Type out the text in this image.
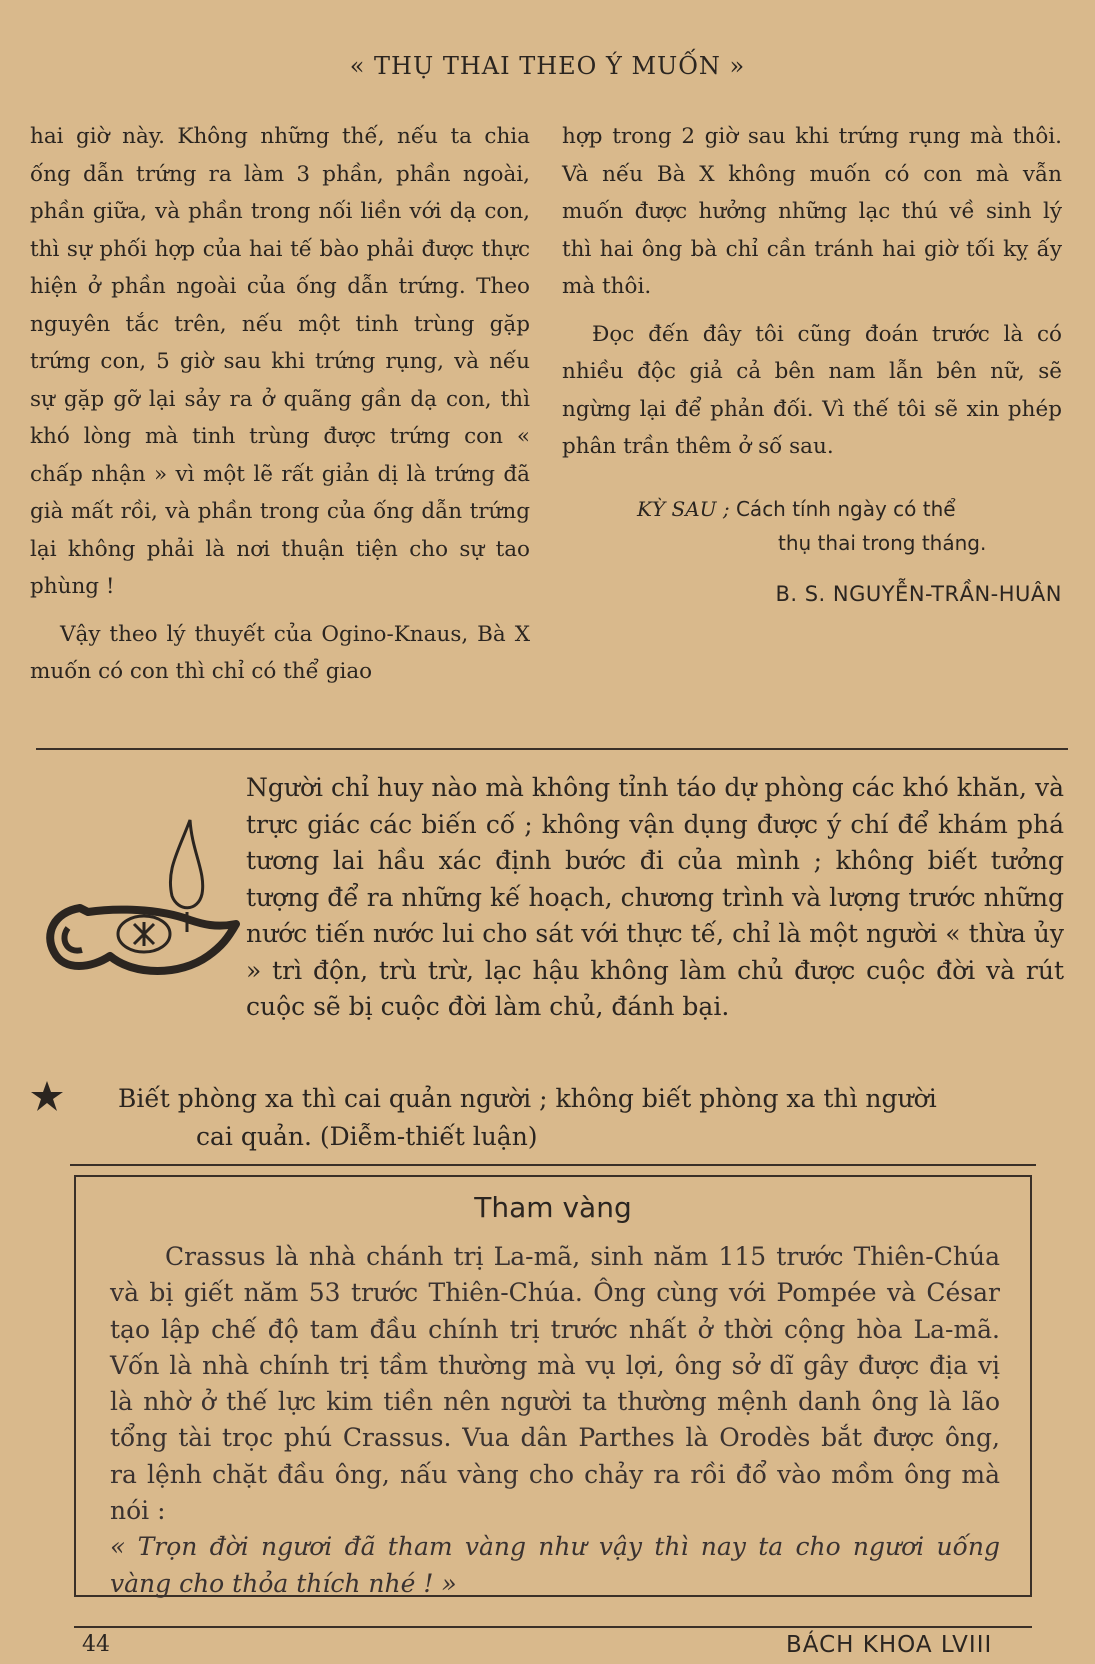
« THỤ THAI THEO Ý MUỐN »

hai giờ này. Không những thế, nếu ta chia ống dẫn trứng ra làm 3 phần, phần ngoài, phần giữa, và phần trong nối liền với dạ con, thì sự phối hợp của hai tế bào phải được thực hiện ở phần ngoài của ống dẫn trứng. Theo nguyên tắc trên, nếu một tinh trùng gặp trứng con, 5 giờ sau khi trứng rụng, và nếu sự gặp gỡ lại sảy ra ở quãng gần dạ con, thì khó lòng mà tinh trùng được trứng con « chấp nhận » vì một lẽ rất giản dị là trứng đã già mất rồi, và phần trong của ống dẫn trứng lại không phải là nơi thuận tiện cho sự tao phùng !

Vậy theo lý thuyết của Ogino-Knaus, Bà X muốn có con thì chỉ có thể giao

hợp trong 2 giờ sau khi trứng rụng mà thôi. Và nếu Bà X không muốn có con mà vẫn muốn được hưởng những lạc thú về sinh lý thì hai ông bà chỉ cần tránh hai giờ tối kỵ ấy mà thôi.

Đọc đến đây tôi cũng đoán trước là có nhiều độc giả cả bên nam lẫn bên nữ, sẽ ngừng lại để phản đối. Vì thế tôi sẽ xin phép phân trần thêm ở số sau.

KỲ SAU ; Cách tính ngày có thể
thụ thai trong tháng.
B. S. NGUYỄN-TRẦN-HUÂN
Người chỉ huy nào mà không tỉnh táo dự phòng các khó khăn, và trực giác các biến cố ; không vận dụng được ý chí để khám phá tương lai hầu xác định bước đi của mình ; không biết tưởng tượng để ra những kế hoạch, chương trình và lượng trước những nước tiến nước lui cho sát với thực tế, chỉ là một người « thừa ủy » trì độn, trù trừ, lạc hậu không làm chủ được cuộc đời và rút cuộc sẽ bị cuộc đời làm chủ, đánh bại.
Biết phòng xa thì cai quản người ; không biết phòng xa thì người
cai quản. (Diễm-thiết luận)
Tham vàng
Crassus là nhà chánh trị La-mã, sinh năm 115 trước Thiên-Chúa và bị giết năm 53 trước Thiên-Chúa. Ông cùng với Pompée và César tạo lập chế độ tam đầu chính trị trước nhất ở thời cộng hòa La-mã. Vốn là nhà chính trị tầm thường mà vụ lợi, ông sở dĩ gây được địa vị là nhờ ở thế lực kim tiền nên người ta thường mệnh danh ông là lão tổng tài trọc phú Crassus. Vua dân Parthes là Orodès bắt được ông, ra lệnh chặt đầu ông, nấu vàng cho chảy ra rồi đổ vào mồm ông mà nói :
« Trọn đời ngươi đã tham vàng như vậy thì nay ta cho ngươi uống vàng cho thỏa thích nhé ! »
44	BÁCH KHOA LVIII
